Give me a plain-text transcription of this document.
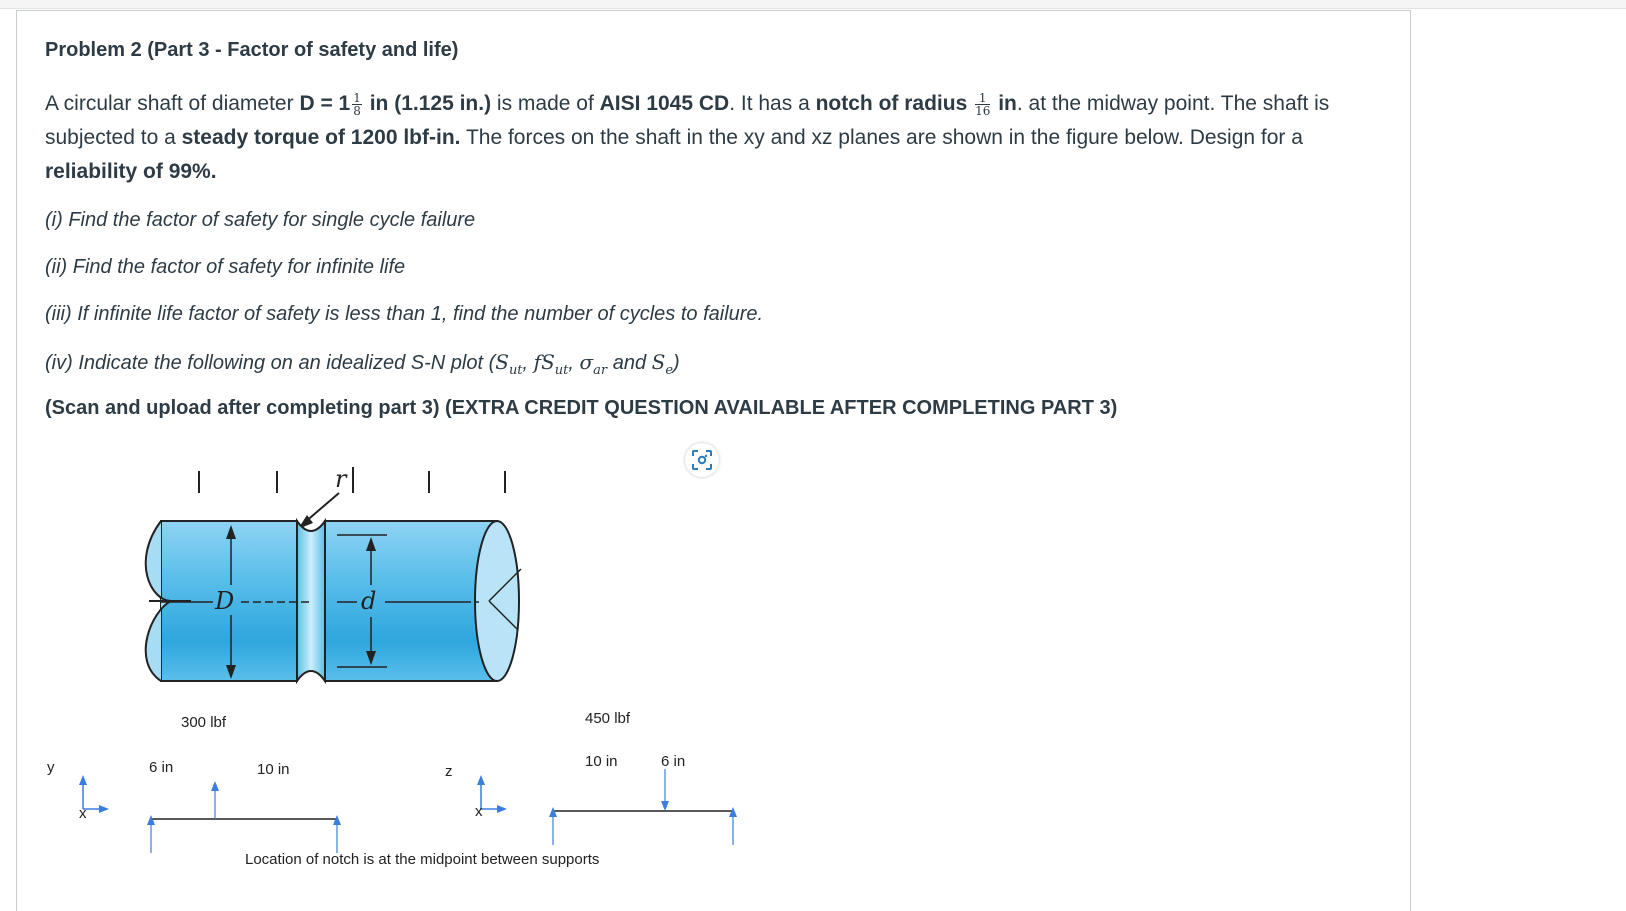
Problem 2 (Part 3 - Factor of safety and life)
A circular shaft of diameter $D = 1 \frac{1}{8}$ in (1.125 in.) is made of AISI 1045 CD. It has a notch of radius $\frac{1}{16}$ in. at the midway point. The shaft is subjected to a steady torque of 1200 lbf-in. The forces on the shaft in the xy and xz planes are shown in the figure below. Design for a reliability of 99%.
(i) Find the factor of safety for single cycle failure
(ii) Find the factor of safety for infinite life
(iii) If infinite life factor of safety is less than 1, find the number of cycles to failure.
(iv) Indicate the following on an idealized S-N plot ($S_{ut}$, $fS_{ut}$, $\sigma_{ar}$ and $S_e$)
(Scan and upload after completing part 3) (EXTRA CREDIT QUESTION AVAILABLE AFTER COMPLETING PART 3)
r
D	d
300 lbf
y
x
6 in	10 in
450 lbf
z
x
10 in	6 in
Location of notch is at the midpoint between supports
